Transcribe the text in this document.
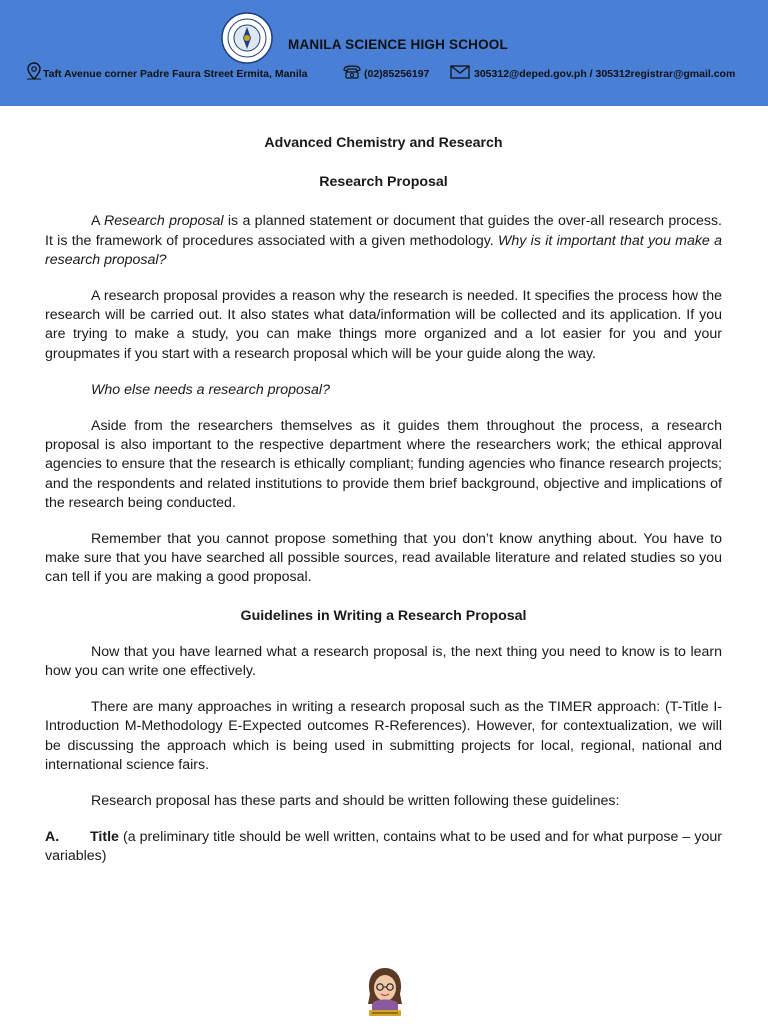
MANILA SCIENCE HIGH SCHOOL
Taft Avenue corner Padre Faura Street Ermita, Manila	(02)85256197	305312@deped.gov.ph / 305312registrar@gmail.com

Advanced Chemistry and Research

Research Proposal

A Research proposal is a planned statement or document that guides the over-all research process. It is the framework of procedures associated with a given methodology. Why is it important that you make a research proposal?

A research proposal provides a reason why the research is needed. It specifies the process how the research will be carried out. It also states what data/information will be collected and its application. If you are trying to make a study, you can make things more organized and a lot easier for you and your groupmates if you start with a research proposal which will be your guide along the way.

Who else needs a research proposal?

Aside from the researchers themselves as it guides them throughout the process, a research proposal is also important to the respective department where the researchers work; the ethical approval agencies to ensure that the research is ethically compliant; funding agencies who finance research projects; and the respondents and related institutions to provide them brief background, objective and implications of the research being conducted.

Remember that you cannot propose something that you don’t know anything about. You have to make sure that you have searched all possible sources, read available literature and related studies so you can tell if you are making a good proposal.

Guidelines in Writing a Research Proposal

Now that you have learned what a research proposal is, the next thing you need to know is to learn how you can write one effectively.

There are many approaches in writing a research proposal such as the TIMER approach: (T-Title I-Introduction M-Methodology E-Expected outcomes R-References). However, for contextualization, we will be discussing the approach which is being used in submitting projects for local, regional, national and international science fairs.

Research proposal has these parts and should be written following these guidelines:

A. Title (a preliminary title should be well written, contains what to be used and for what purpose – your variables)
